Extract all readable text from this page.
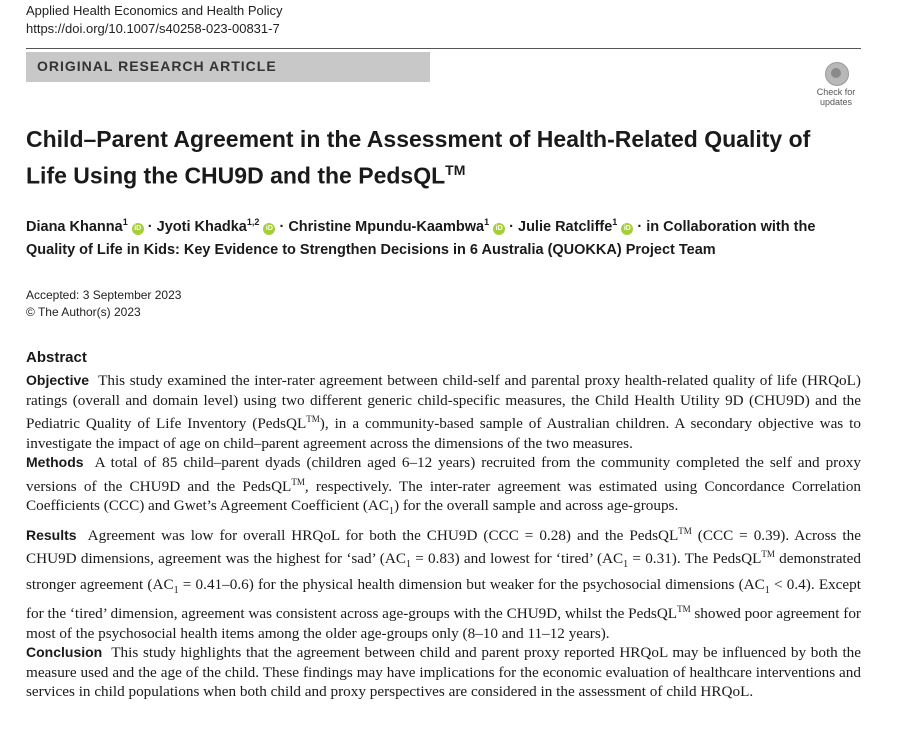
Applied Health Economics and Health Policy
https://doi.org/10.1007/s40258-023-00831-7
ORIGINAL RESEARCH ARTICLE
Check for updates
Child–Parent Agreement in the Assessment of Health-Related Quality of Life Using the CHU9D and the PedsQL™
Diana Khanna$^1$ iD · Jyoti Khadka$^{1,2}$ iD · Christine Mpundu-Kaambwa$^1$ iD · Julie Ratcliffe$^1$ iD · in Collaboration with the Quality of Life in Kids: Key Evidence to Strengthen Decisions in 6 Australia (QUOKKA) Project Team
Accepted: 3 September 2023
© The Author(s) 2023
Abstract

Objective  This study examined the inter-rater agreement between child-self and parental proxy health-related quality of life (HRQoL) ratings (overall and domain level) using two different generic child-specific measures, the Child Health Utility 9D (CHU9D) and the Pediatric Quality of Life Inventory (PedsQL™), in a community-based sample of Australian children. A secondary objective was to investigate the impact of age on child–parent agreement across the dimensions of the two measures.

Methods  A total of 85 child–parent dyads (children aged 6–12 years) recruited from the community completed the self and proxy versions of the CHU9D and the PedsQL™, respectively. The inter-rater agreement was estimated using Concordance Correlation Coefficients (CCC) and Gwet’s Agreement Coefficient $(AC_1)$ for the overall sample and across age-groups.

Results  Agreement was low for overall HRQoL for both the CHU9D (CCC = 0.28) and the PedsQL™ (CCC = 0.39). Across the CHU9D dimensions, agreement was the highest for ‘sad’ $(AC_1 = 0.83)$ and lowest for ‘tired’ $(AC_1 = 0.31)$. The PedsQL™ demonstrated stronger agreement $(AC_1 = 0.41-0.6)$ for the physical health dimension but weaker for the psychosocial dimensions $(AC_1 < 0.4)$. Except for the ‘tired’ dimension, agreement was consistent across age-groups with the CHU9D, whilst the PedsQL™ showed poor agreement for most of the psychosocial health items among the older age-groups only (8–10 and 11–12 years).

Conclusion  This study highlights that the agreement between child and parent proxy reported HRQoL may be influenced by both the measure used and the age of the child. These findings may have implications for the economic evaluation of healthcare interventions and services in child populations when both child and proxy perspectives are considered in the assessment of child HRQoL.
